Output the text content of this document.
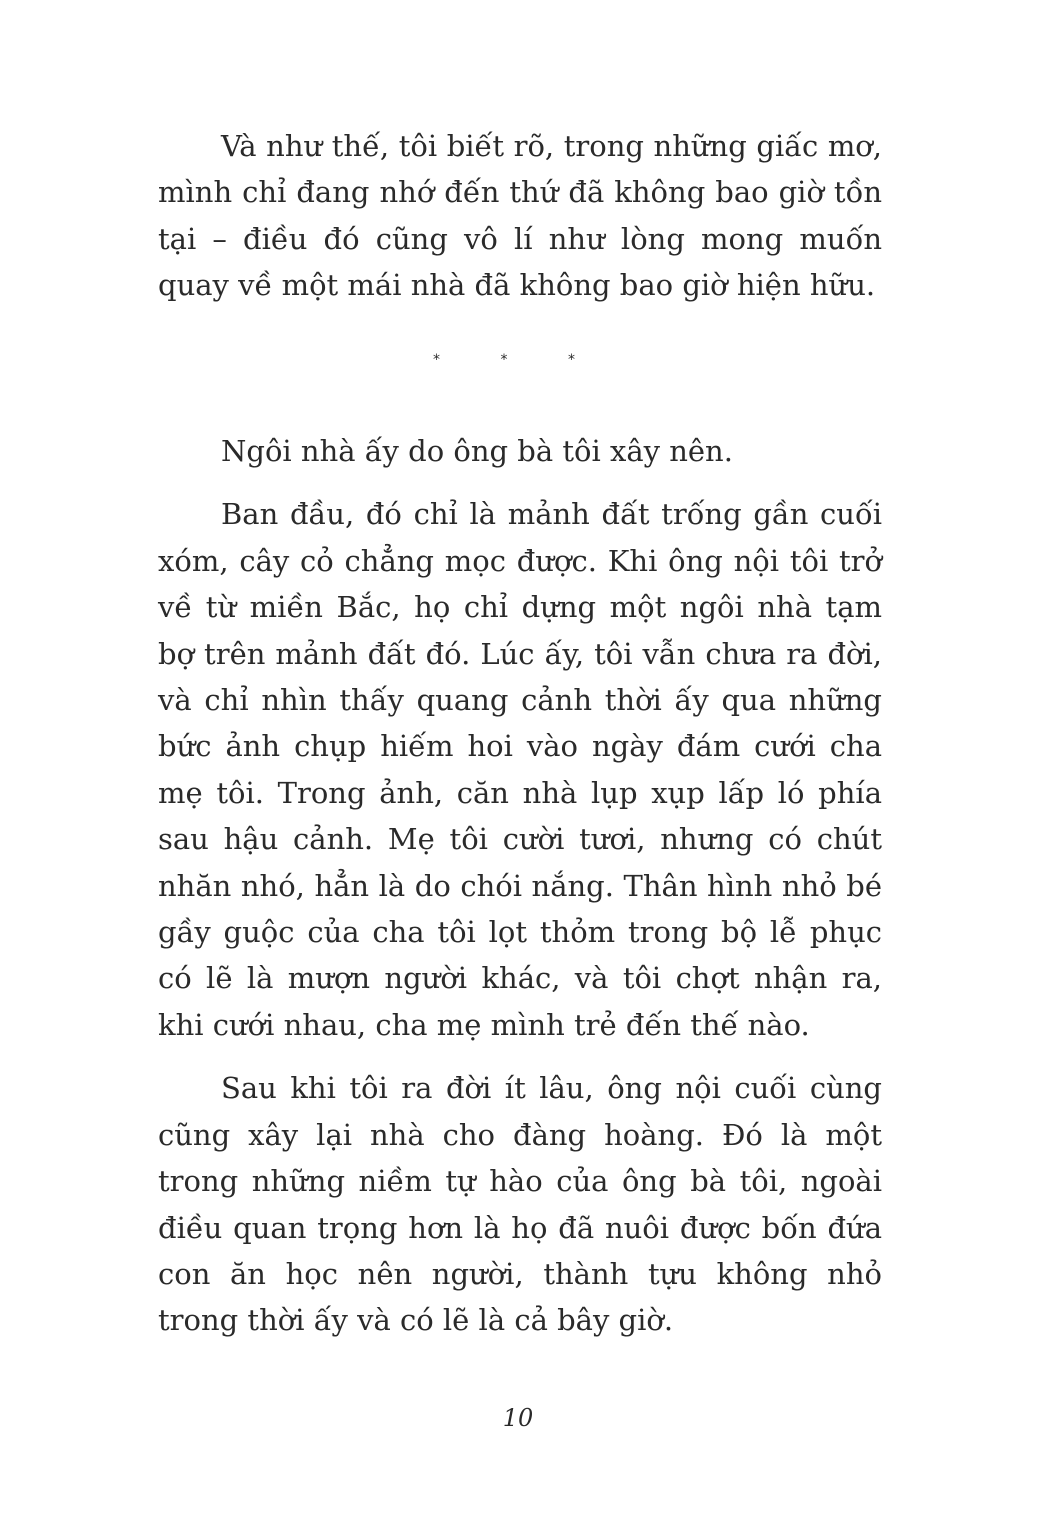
Và như thế, tôi biết rõ, trong những giấc mơ, mình chỉ đang nhớ đến thứ đã không bao giờ tồn tại – điều đó cũng vô lí như lòng mong muốn quay về một mái nhà đã không bao giờ hiện hữu.

* * *

Ngôi nhà ấy do ông bà tôi xây nên.

Ban đầu, đó chỉ là mảnh đất trống gần cuối xóm, cây cỏ chẳng mọc được. Khi ông nội tôi trở về từ miền Bắc, họ chỉ dựng một ngôi nhà tạm bợ trên mảnh đất đó. Lúc ấy, tôi vẫn chưa ra đời, và chỉ nhìn thấy quang cảnh thời ấy qua những bức ảnh chụp hiếm hoi vào ngày đám cưới cha mẹ tôi. Trong ảnh, căn nhà lụp xụp lấp ló phía sau hậu cảnh. Mẹ tôi cười tươi, nhưng có chút nhăn nhó, hẳn là do chói nắng. Thân hình nhỏ bé gầy guộc của cha tôi lọt thỏm trong bộ lễ phục có lẽ là mượn người khác, và tôi chợt nhận ra, khi cưới nhau, cha mẹ mình trẻ đến thế nào.

Sau khi tôi ra đời ít lâu, ông nội cuối cùng cũng xây lại nhà cho đàng hoàng. Đó là một trong những niềm tự hào của ông bà tôi, ngoài điều quan trọng hơn là họ đã nuôi được bốn đứa con ăn học nên người, thành tựu không nhỏ trong thời ấy và có lẽ là cả bây giờ.

10
